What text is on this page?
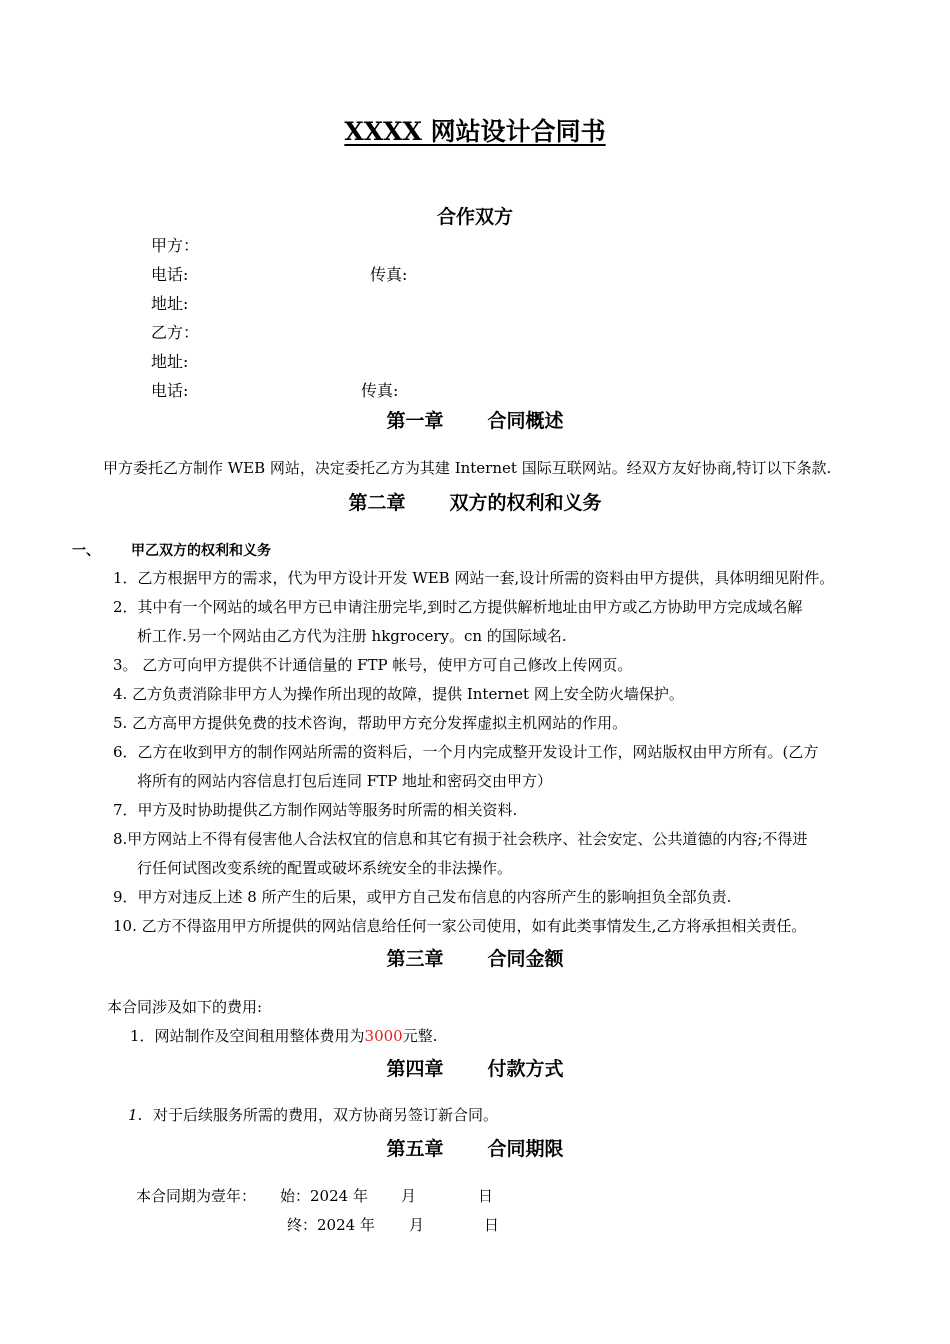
XXXX 网站设计合同书
合作双方
甲方：
电话:	传真:
地址:
乙方：
地址:
电话:	传真:
第一章 合同概述
甲方委托乙方制作 WEB 网站，决定委托乙方为其建 Internet 国际互联网站。经双方友好协商,特订以下条款.
第二章 双方的权利和义务
一、 甲乙双方的权利和义务
1．乙方根据甲方的需求，代为甲方设计开发 WEB 网站一套,设计所需的资料由甲方提供，具体明细见附件。
2．其中有一个网站的域名甲方已申请注册完毕,到时乙方提供解析地址由甲方或乙方协助甲方完成域名解
析工作.另一个网站由乙方代为注册 hkgrocery。cn 的国际域名.
3。 乙方可向甲方提供不计通信量的 FTP 帐号，使甲方可自己修改上传网页。
4. 乙方负责消除非甲方人为操作所出现的故障，提供 Internet 网上安全防火墙保护。
5. 乙方高甲方提供免费的技术咨询，帮助甲方充分发挥虚拟主机网站的作用。
6．乙方在收到甲方的制作网站所需的资料后，一个月内完成整开发设计工作，网站版权由甲方所有。(乙方
将所有的网站内容信息打包后连同 FTP 地址和密码交由甲方）
7．甲方及时协助提供乙方制作网站等服务时所需的相关资料.
8.甲方网站上不得有侵害他人合法权宜的信息和其它有损于社会秩序、社会安定、公共道德的内容;不得进
行任何试图改变系统的配置或破坏系统安全的非法操作。
9．甲方对违反上述 8 所产生的后果，或甲方自己发布信息的内容所产生的影响担负全部负责.
10. 乙方不得盗用甲方所提供的网站信息给任何一家公司使用，如有此类事情发生,乙方将承担相关责任。
第三章 合同金额
本合同涉及如下的费用:
1．网站制作及空间租用整体费用为3000元整.
第四章 付款方式
1. 对于后续服务所需的费用，双方协商另签订新合同。
第五章 合同期限
本合同期为壹年： 始：2024 年 月	日
终：2024 年 月	日
